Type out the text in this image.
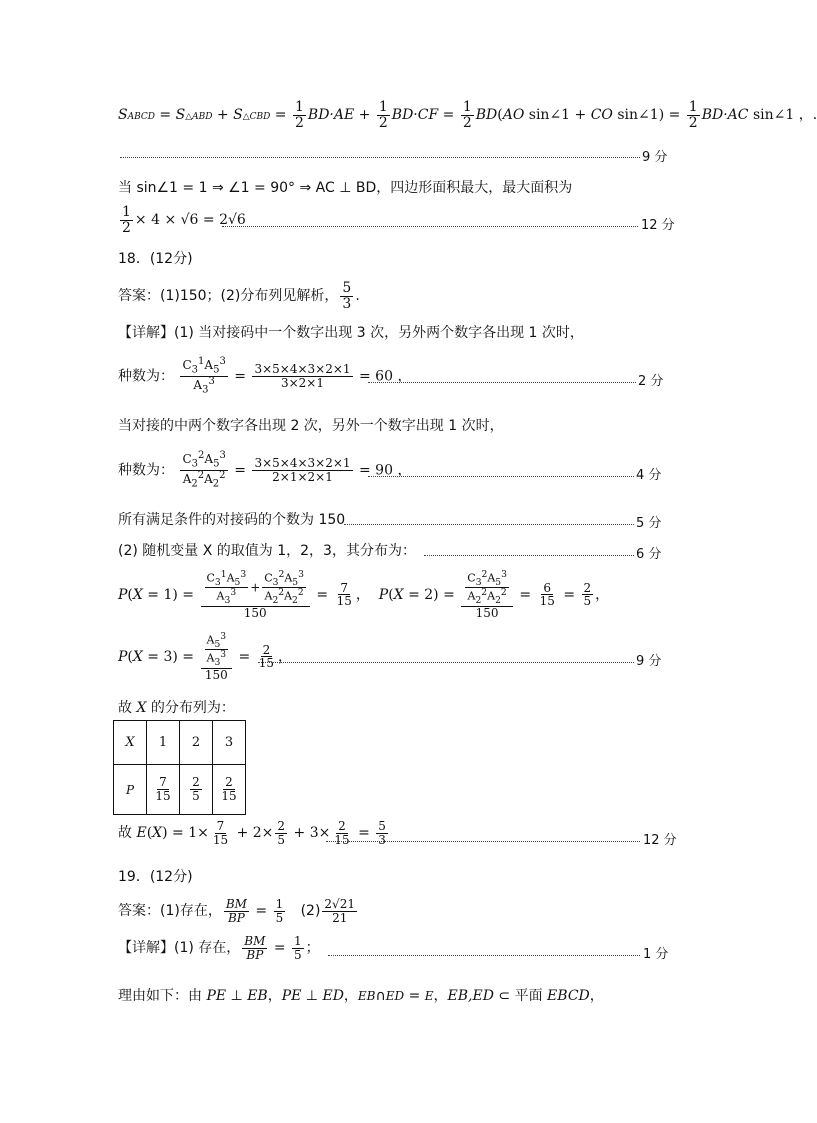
SABCD = S△ABD + S△CBD = $\frac{1}{2} BD\cdot AE + \frac{1}{2} BD\cdot CF = \frac{1}{2} BD(AO$ sin∠1 + CO sin∠1) = $\frac{1}{2} BD\cdot AC$ sin∠1 ，.
9 分
当 sin∠1 = 1 ⇒ ∠1 = 90° ⇒ AC ⊥ BD，四边形面积最大，最大面积为
$\frac{1}{2} \times 4 \times √6 = 2√6$	12 分
18．(12分)
答案：(1)150；(2)分布列见解析， $\frac{5}{3}$ .
【详解】(1) 当对接码中一个数字出现 3 次，另外两个数字各出现 1 次时，
种数为： $\frac{C_3^1A_5^3}{A_3^3} = \frac{3\times 5\times 4\times 3\times 2\times 1}{3\times 2\times 1} = 60$ ，	2 分
当对接的中两个数字各出现 2 次，另外一个数字出现 1 次时，
种数为： $\frac{C_3^2A_5^3}{A_2^2A_2^2} = \frac{3\times 5\times 4\times 3\times 2\times 1}{2\times 1\times 2\times 1} = 90$ ，	4 分
所有满足条件的对接码的个数为 150	5 分
(2) 随机变量 X 的取值为 1，2，3，其分布为：	6 分
$P(X = 1) = \frac{\frac{C_3^1A_5^3}{A_3^3} + \frac{C_3^2A_5^3}{A_2^2A_2^2}}{150} = \frac{7}{15}$ ，  $P(X = 2) = \frac{\frac{C_3^2A_5^3}{A_2^2A_2^2}}{150} = \frac{6}{15} = \frac{2}{5}$ ，
$P(X = 3) = \frac{\frac{A_5^3}{A_3^3}}{150} = \frac{2}{15}$ ，	9 分
故 X 的分布列为：
X	1	2	3
P	$\frac{7}{15}$	$\frac{2}{5}$	$\frac{2}{15}$
故 $E(X) = 1\times \frac{7}{15} + 2\times \frac{2}{5} + 3\times \frac{2}{15} = \frac{5}{3}$	12 分
19．(12分)
答案：(1)存在， $\frac{BM}{BP} = \frac{1}{5} (2) \frac{2√21}{21}$
【详解】(1) 存在， $\frac{BM}{BP} = \frac{1}{5}$ ；	1 分
理由如下：由 PE ⊥ EB，PE ⊥ ED，EB∩ED = E，EB,ED ⊂ 平面 EBCD，
